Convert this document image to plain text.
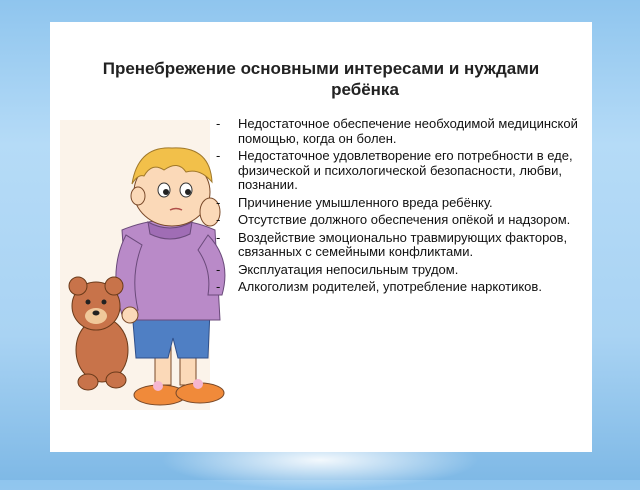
Пренебрежение основными интересами и нуждами
ребёнка
- Недостаточное обеспечение необходимой медицинской помощью, когда он болен.
- Недостаточное удовлетворение его потребности в еде, физической и психологической безопасности, любви, познании.
- Причинение умышленного вреда ребёнку.
- Отсутствие должного обеспечения опёкой и надзором.
- Воздействие эмоционально травмирующих факторов, связанных с семейными конфликтами.
- Эксплуатация непосильным трудом.
- Алкоголизм родителей, употребление наркотиков.
